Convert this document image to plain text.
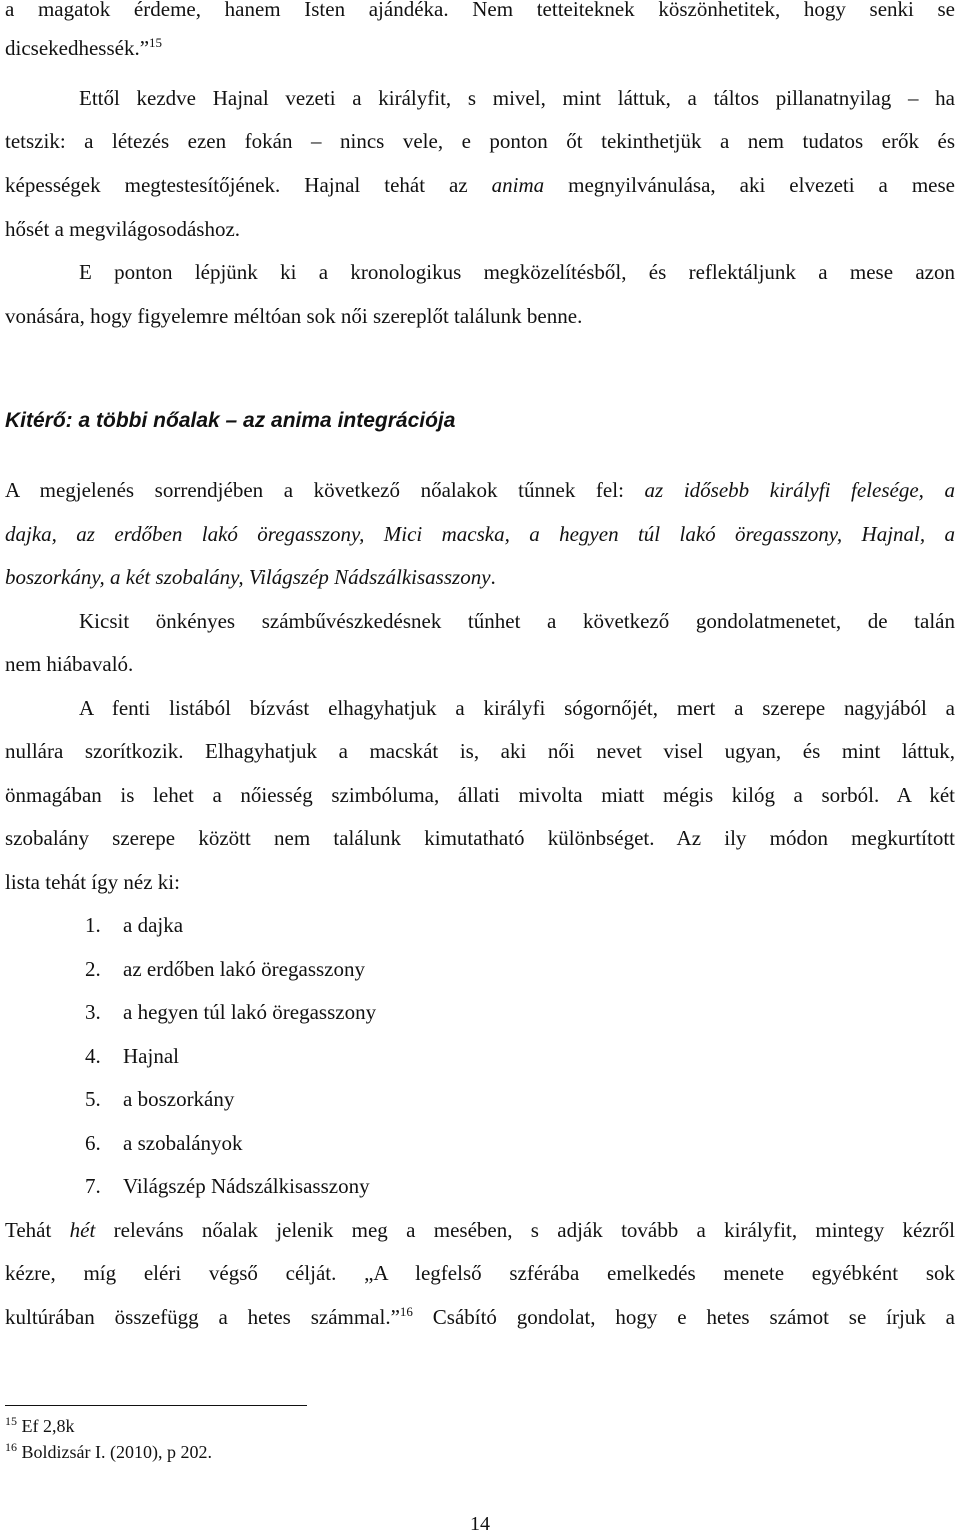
a magatok érdeme, hanem Isten ajándéka. Nem tetteiteknek köszönhetitek, hogy senki se
dicsekedhessék.”$^{15}$
Ettől kezdve Hajnal vezeti a királyfit, s mivel, mint láttuk, a táltos pillanatnyilag – ha
tetszik: a létezés ezen fokán – nincs vele, e ponton őt tekinthetjük a nem tudatos erők és
képességek megtestesítőjének. Hajnal tehát az anima megnyilvánulása, aki elvezeti a mese
hősét a megvilágosodáshoz.
E ponton lépjünk ki a kronologikus megközelítésből, és reflektáljunk a mese azon
vonására, hogy figyelemre méltóan sok női szereplőt találunk benne.
Kitérő: a többi nőalak – az anima integrációja
A megjelenés sorrendjében a következő nőalakok tűnnek fel: az idősebb királyfi felesége, a
dajka, az erdőben lakó öregasszony, Mici macska, a hegyen túl lakó öregasszony, Hajnal, a
boszorkány, a két szobalány, Világszép Nádszálkisasszony.
Kicsit önkényes számbűvészkedésnek tűnhet a következő gondolatmenetet, de talán
nem hiábavaló.
A fenti listából bízvást elhagyhatjuk a királyfi sógornőjét, mert a szerepe nagyjából a
nullára szorítkozik. Elhagyhatjuk a macskát is, aki női nevet visel ugyan, és mint láttuk,
önmagában is lehet a nőiesség szimbóluma, állati mivolta miatt mégis kilóg a sorból. A két
szobalány szerepe között nem találunk kimutatható különbséget. Az ily módon megkurtított
lista tehát így néz ki:
1. a dajka
2. az erdőben lakó öregasszony
3. a hegyen túl lakó öregasszony
4. Hajnal
5. a boszorkány
6. a szobalányok
7. Világszép Nádszálkisasszony
Tehát hét releváns nőalak jelenik meg a mesében, s adják tovább a királyfit, mintegy kézről
kézre, míg eléri végső célját. „A legfelső szférába emelkedés menete egyébként sok
kultúrában összefügg a hetes számmal.”$^{16}$ Csábító gondolat, hogy e hetes számot se írjuk a
$^{15}$ Ef 2,8k
$^{16}$ Boldizsár I. (2010), p 202.
14
